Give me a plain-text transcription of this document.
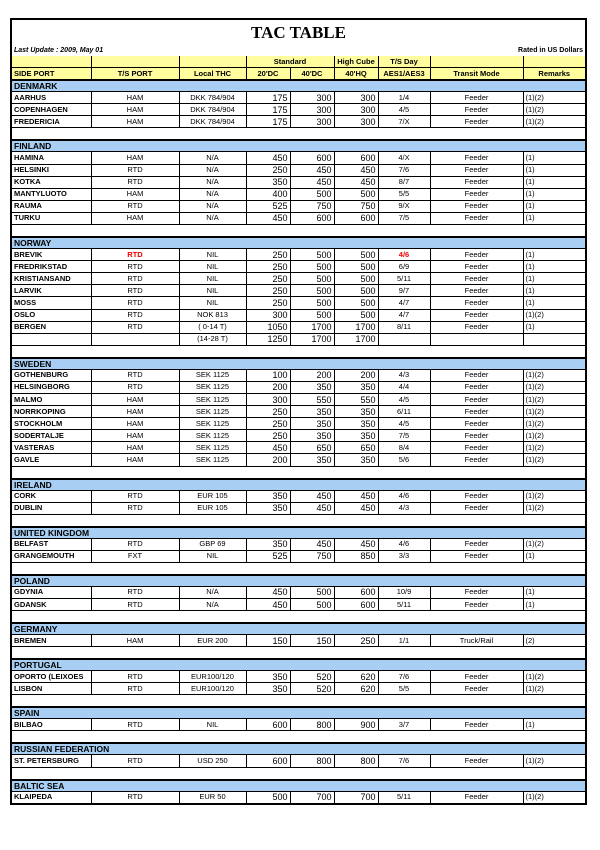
TAC TABLE
Last Update : 2009, May 01	Rated in US Dollars
			Standard		High Cube	T/S Day		
SIDE PORT	T/S PORT	Local THC	20'DC	40'DC	40'HQ	AES1/AES3	Transit Mode	Remarks
DENMARK								
AARHUS	HAM	DKK 784/904	175	300	300	1/4	Feeder	(1)(2)
COPENHAGEN	HAM	DKK 784/904	175	300	300	4/5	Feeder	(1)(2)
FREDERICIA	HAM	DKK 784/904	175	300	300	7/X	Feeder	(1)(2)

FINLAND								
HAMINA	HAM	N/A	450	600	600	4/X	Feeder	(1)
HELSINKI	RTD	N/A	250	450	450	7/6	Feeder	(1)
KOTKA	RTD	N/A	350	450	450	8/7	Feeder	(1)
MANTYLUOTO	HAM	N/A	400	500	500	5/5	Feeder	(1)
RAUMA	RTD	N/A	525	750	750	9/X	Feeder	(1)
TURKU	HAM	N/A	450	600	600	7/5	Feeder	(1)

NORWAY								
BREVIK	RTD	NIL	250	500	500	4/6	Feeder	(1)
FREDRIKSTAD	RTD	NIL	250	500	500	6/9	Feeder	(1)
KRISTIANSAND	RTD	NIL	250	500	500	5/11	Feeder	(1)
LARVIK	RTD	NIL	250	500	500	9/7	Feeder	(1)
MOSS	RTD	NIL	250	500	500	4/7	Feeder	(1)
OSLO	RTD	NOK 813	300	500	500	4/7	Feeder	(1)(2)
BERGEN	RTD	( 0-14 T)	1050	1700	1700	8/11	Feeder	(1)
		(14-28 T)	1250	1700	1700			

SWEDEN								
GOTHENBURG	RTD	SEK 1125	100	200	200	4/3	Feeder	(1)(2)
HELSINGBORG	RTD	SEK 1125	200	350	350	4/4	Feeder	(1)(2)
MALMO	HAM	SEK 1125	300	550	550	4/5	Feeder	(1)(2)
NORRKOPING	HAM	SEK 1125	250	350	350	6/11	Feeder	(1)(2)
STOCKHOLM	HAM	SEK 1125	250	350	350	4/5	Feeder	(1)(2)
SODERTALJE	HAM	SEK 1125	250	350	350	7/5	Feeder	(1)(2)
VASTERAS	HAM	SEK 1125	450	650	650	8/4	Feeder	(1)(2)
GAVLE	HAM	SEK 1125	200	350	350	5/6	Feeder	(1)(2)

IRELAND								
CORK	RTD	EUR 105	350	450	450	4/6	Feeder	(1)(2)
DUBLIN	RTD	EUR 105	350	450	450	4/3	Feeder	(1)(2)

UNITED KINGDOM								
BELFAST	RTD	GBP 69	350	450	450	4/6	Feeder	(1)(2)
GRANGEMOUTH	FXT	NIL	525	750	850	3/3	Feeder	(1)

POLAND								
GDYNIA	RTD	N/A	450	500	600	10/9	Feeder	(1)
GDANSK	RTD	N/A	450	500	600	5/11	Feeder	(1)

GERMANY								
BREMEN	HAM	EUR 200	150	150	250	1/1	Truck/Rail	(2)

PORTUGAL								
OPORTO (LEIXOES	RTD	EUR100/120	350	520	620	7/6	Feeder	(1)(2)
LISBON	RTD	EUR100/120	350	520	620	5/5	Feeder	(1)(2)

SPAIN								
BILBAO	RTD	NIL	600	800	900	3/7	Feeder	(1)

RUSSIAN FEDERATION								
ST. PETERSBURG	RTD	USD 250	600	800	800	7/6	Feeder	(1)(2)

BALTIC SEA								
KLAIPEDA	RTD	EUR 50	500	700	700	5/11	Feeder	(1)(2)
